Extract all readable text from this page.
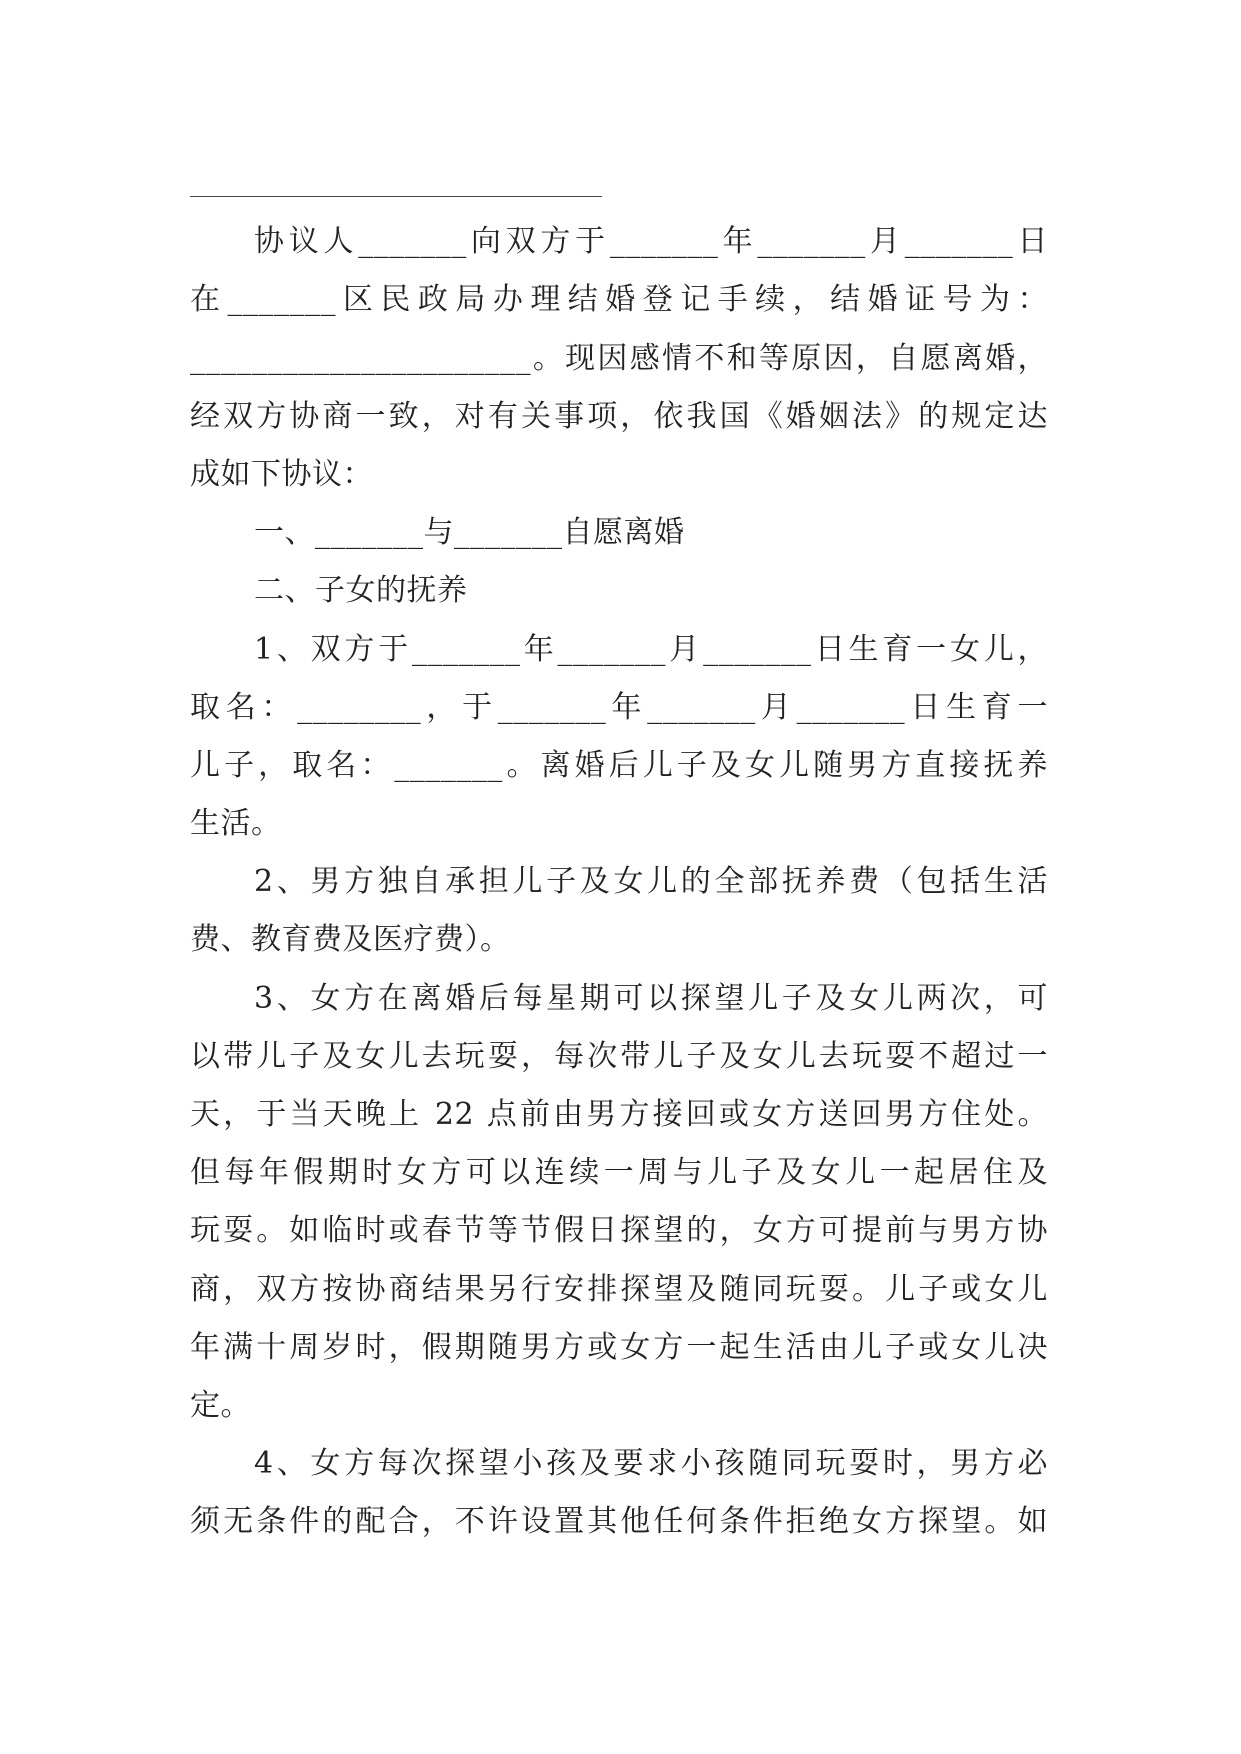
协议人_______向双方于_______年_______月_______日
在_______区民政局办理结婚登记手续，结婚证号为：
______________________。现因感情不和等原因，自愿离婚，
经双方协商一致，对有关事项，依我国《婚姻法》的规定达
成如下协议：
一、_______与_______自愿离婚
二、子女的抚养
1、双方于_______年_______月_______日生育一女儿，
取名：________，于_______年_______月_______日生育一
儿子，取名：_______。离婚后儿子及女儿随男方直接抚养
生活。
2、男方独自承担儿子及女儿的全部抚养费（包括生活
费、教育费及医疗费）。
3、女方在离婚后每星期可以探望儿子及女儿两次，可
以带儿子及女儿去玩耍，每次带儿子及女儿去玩耍不超过一
天，于当天晚上 22 点前由男方接回或女方送回男方住处。
但每年假期时女方可以连续一周与儿子及女儿一起居住及
玩耍。如临时或春节等节假日探望的，女方可提前与男方协
商，双方按协商结果另行安排探望及随同玩耍。儿子或女儿
年满十周岁时，假期随男方或女方一起生活由儿子或女儿决
定。
4、女方每次探望小孩及要求小孩随同玩耍时，男方必
须无条件的配合，不许设置其他任何条件拒绝女方探望。如
